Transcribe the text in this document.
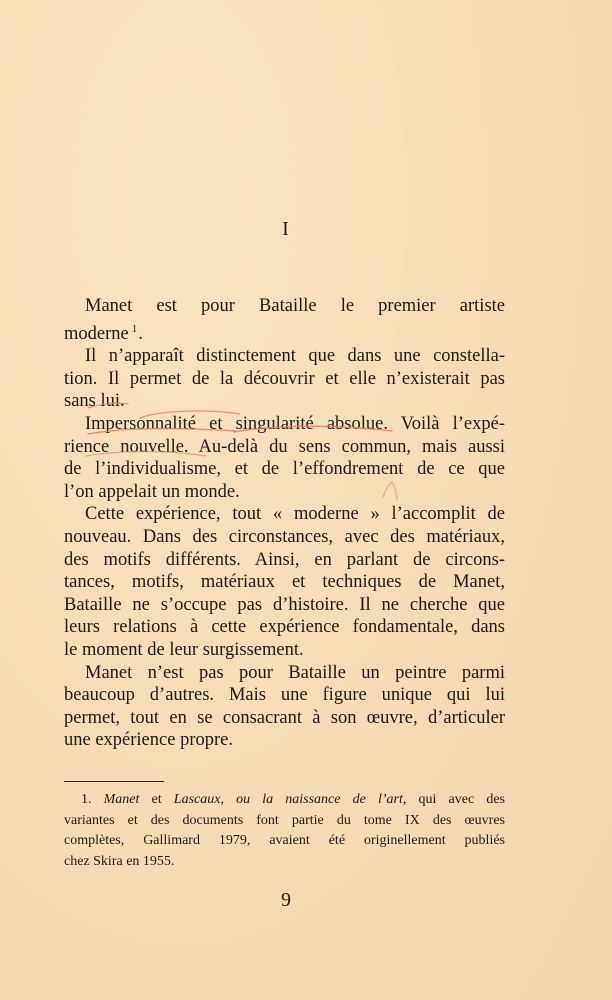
I

Manet est pour Bataille le premier artiste
moderne $^1$.

Il n’apparaît distinctement que dans une constella-
tion. Il permet de la découvrir et elle n’existerait pas
sans lui.

Impersonnalité et singularité absolue. Voilà l’expé-
rience nouvelle. Au-delà du sens commun, mais aussi
de l’individualisme, et de l’effondrement de ce que
l’on appelait un monde.

Cette expérience, tout « moderne » l’accomplit de
nouveau. Dans des circonstances, avec des matériaux,
des motifs différents. Ainsi, en parlant de circons-
tances, motifs, matériaux et techniques de Manet,
Bataille ne s’occupe pas d’histoire. Il ne cherche que
leurs relations à cette expérience fondamentale, dans
le moment de leur surgissement.

Manet n’est pas pour Bataille un peintre parmi
beaucoup d’autres. Mais une figure unique qui lui
permet, tout en se consacrant à son œuvre, d’articuler
une expérience propre.

1. Manet et Lascaux, ou la naissance de l’art, qui avec des
variantes et des documents font partie du tome IX des œuvres
complètes, Gallimard 1979, avaient été originellement publiés
chez Skira en 1955.
9
